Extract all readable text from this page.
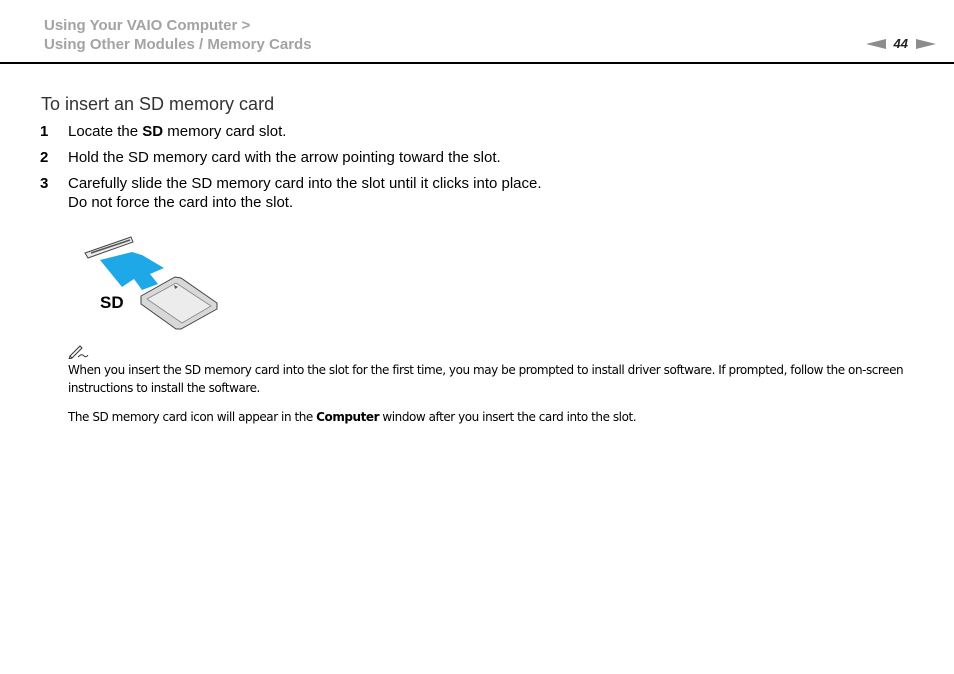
Using Your VAIO Computer >
Using Other Modules / Memory Cards	44
To insert an SD memory card
1	Locate the SD memory card slot.
2	Hold the SD memory card with the arrow pointing toward the slot.
3	Carefully slide the SD memory card into the slot until it clicks into place.
Do not force the card into the slot.
SD

When you insert the SD memory card into the slot for the first time, you may be prompted to install driver software. If prompted, follow the on-screen instructions to install the software.

The SD memory card icon will appear in the Computer window after you insert the card into the slot.
